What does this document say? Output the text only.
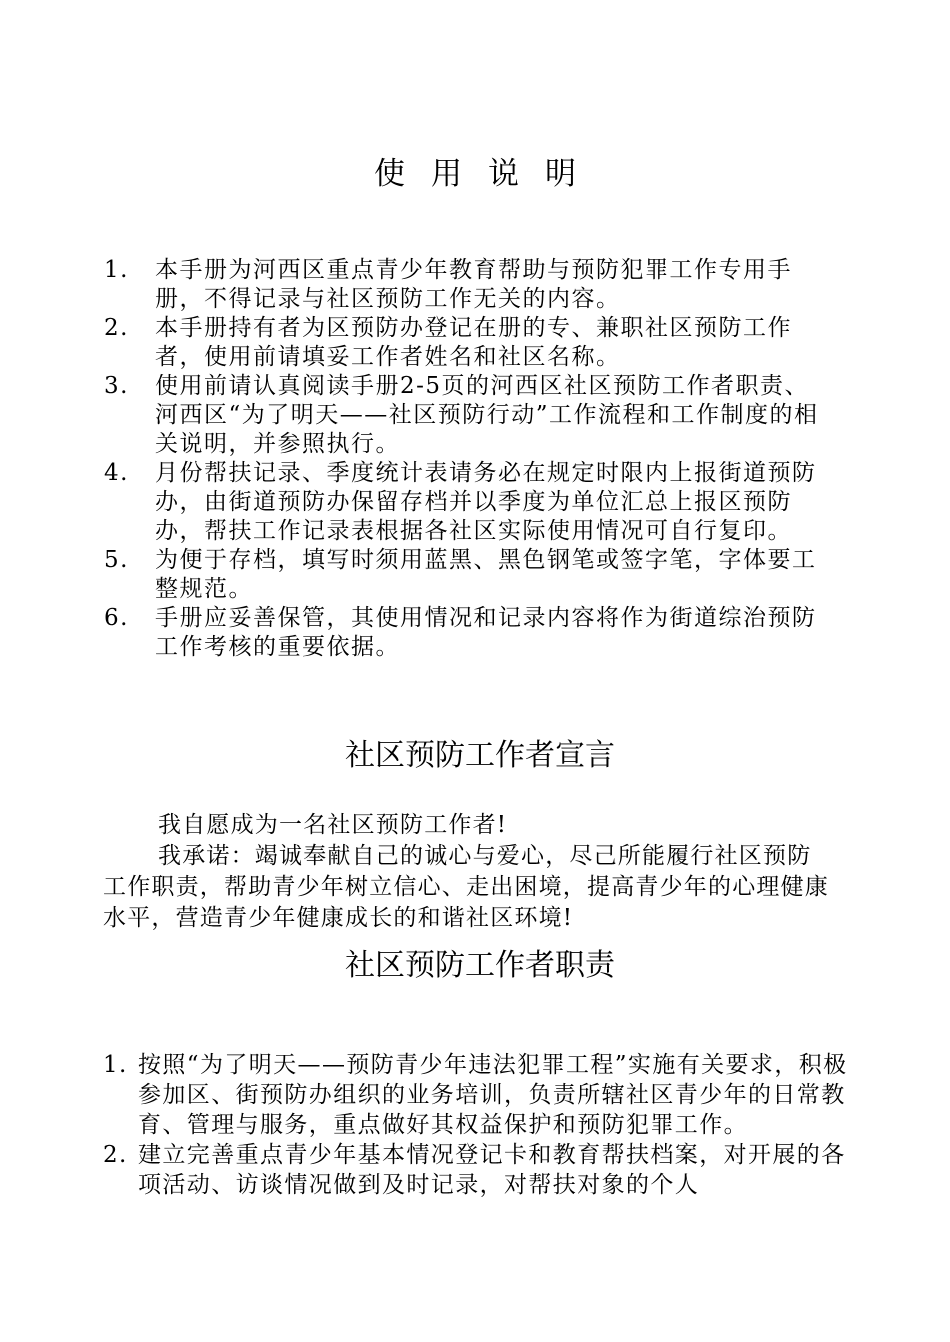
使用说明
1. 本手册为河西区重点青少年教育帮助与预防犯罪工作专用手册，不得记录与社区预防工作无关的内容。
2. 本手册持有者为区预防办登记在册的专、兼职社区预防工作者，使用前请填妥工作者姓名和社区名称。
3. 使用前请认真阅读手册2-5页的河西区社区预防工作者职责、河西区“为了明天——社区预防行动”工作流程和工作制度的相关说明，并参照执行。
4. 月份帮扶记录、季度统计表请务必在规定时限内上报街道预防办，由街道预防办保留存档并以季度为单位汇总上报区预防办，帮扶工作记录表根据各社区实际使用情况可自行复印。
5. 为便于存档，填写时须用蓝黑、黑色钢笔或签字笔，字体要工整规范。
6. 手册应妥善保管，其使用情况和记录内容将作为街道综治预防工作考核的重要依据。
社区预防工作者宣言

我自愿成为一名社区预防工作者!

我承诺：竭诚奉献自己的诚心与爱心，尽己所能履行社区预防工作职责，帮助青少年树立信心、走出困境，提高青少年的心理健康水平，营造青少年健康成长的和谐社区环境!

社区预防工作者职责
1. 按照“为了明天——预防青少年违法犯罪工程”实施有关要求，积极参加区、街预防办组织的业务培训，负责所辖社区青少年的日常教育、管理与服务，重点做好其权益保护和预防犯罪工作。
2. 建立完善重点青少年基本情况登记卡和教育帮扶档案，对开展的各项活动、访谈情况做到及时记录，对帮扶对象的个人
